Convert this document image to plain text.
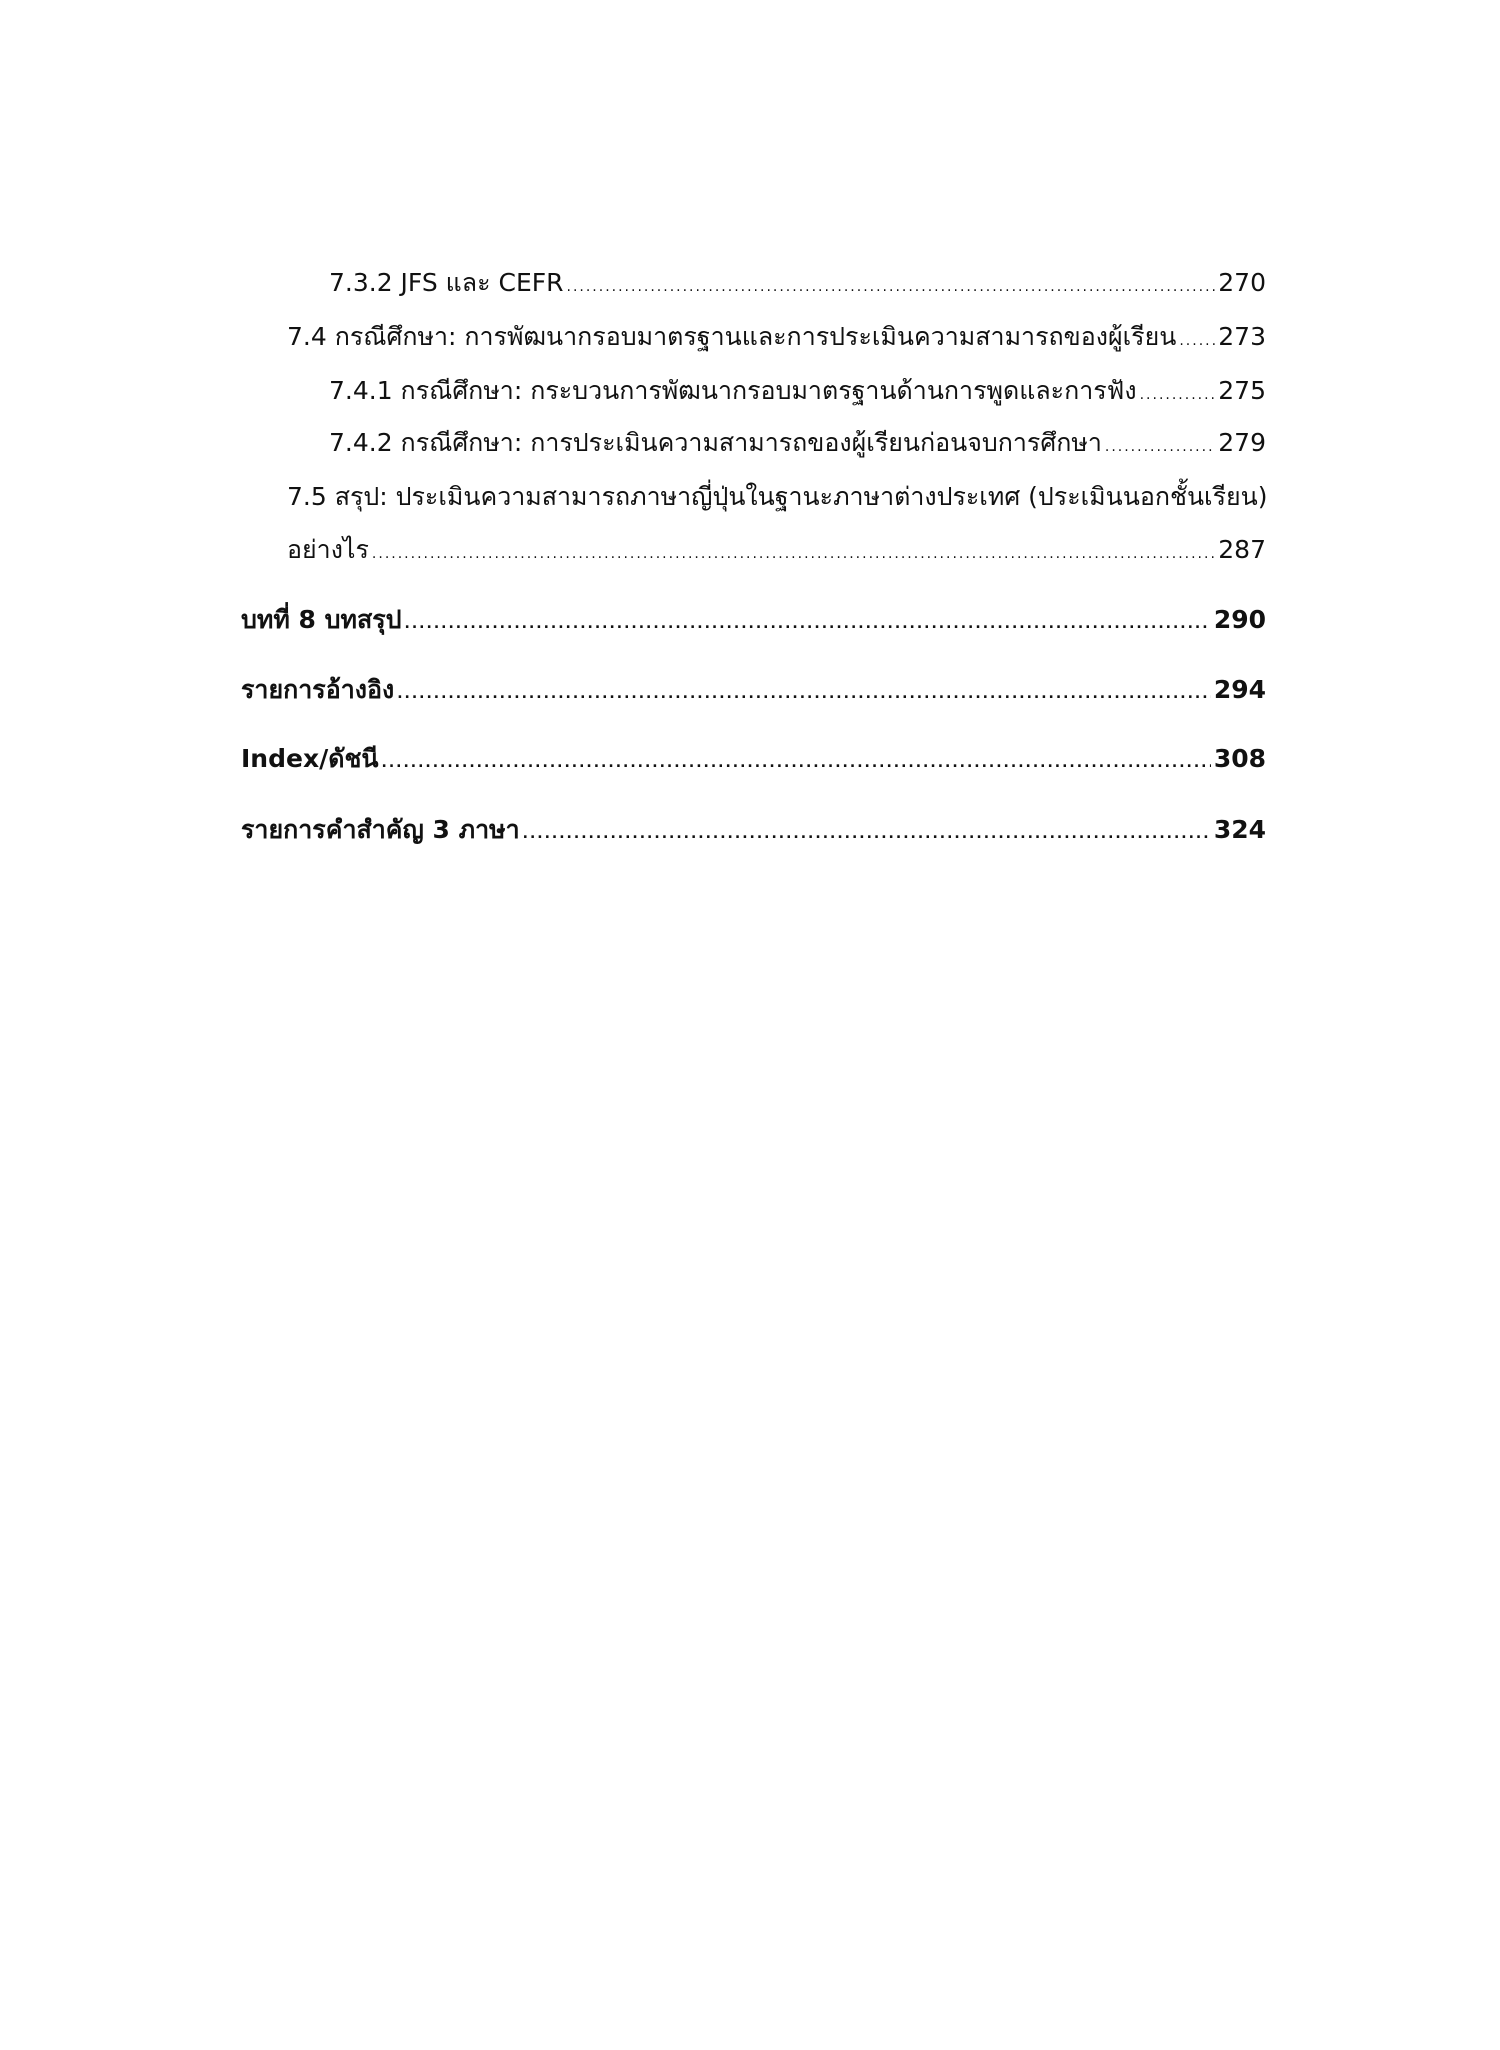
7.3.2 JFS และ CEFR .....	270
7.4 กรณีศึกษา: การพัฒนากรอบมาตรฐานและการประเมินความสามารถของผู้เรียน ..... 273
7.4.1 กรณีศึกษา: กระบวนการพัฒนากรอบมาตรฐานด้านการพูดและการฟัง .....	275
7.4.2 กรณีศึกษา: การประเมินความสามารถของผู้เรียนก่อนจบการศึกษา .....	279
7.5 สรุป: ประเมินความสามารถภาษาญี่ปุ่นในฐานะภาษาต่างประเทศ (ประเมินนอกชั้นเรียน)
อย่างไร .....	287
บทที่ 8 บทสรุป .....	290
รายการอ้างอิง .....	294
Index/ดัชนี .....	308
รายการคำสำคัญ 3 ภาษา .....	324
